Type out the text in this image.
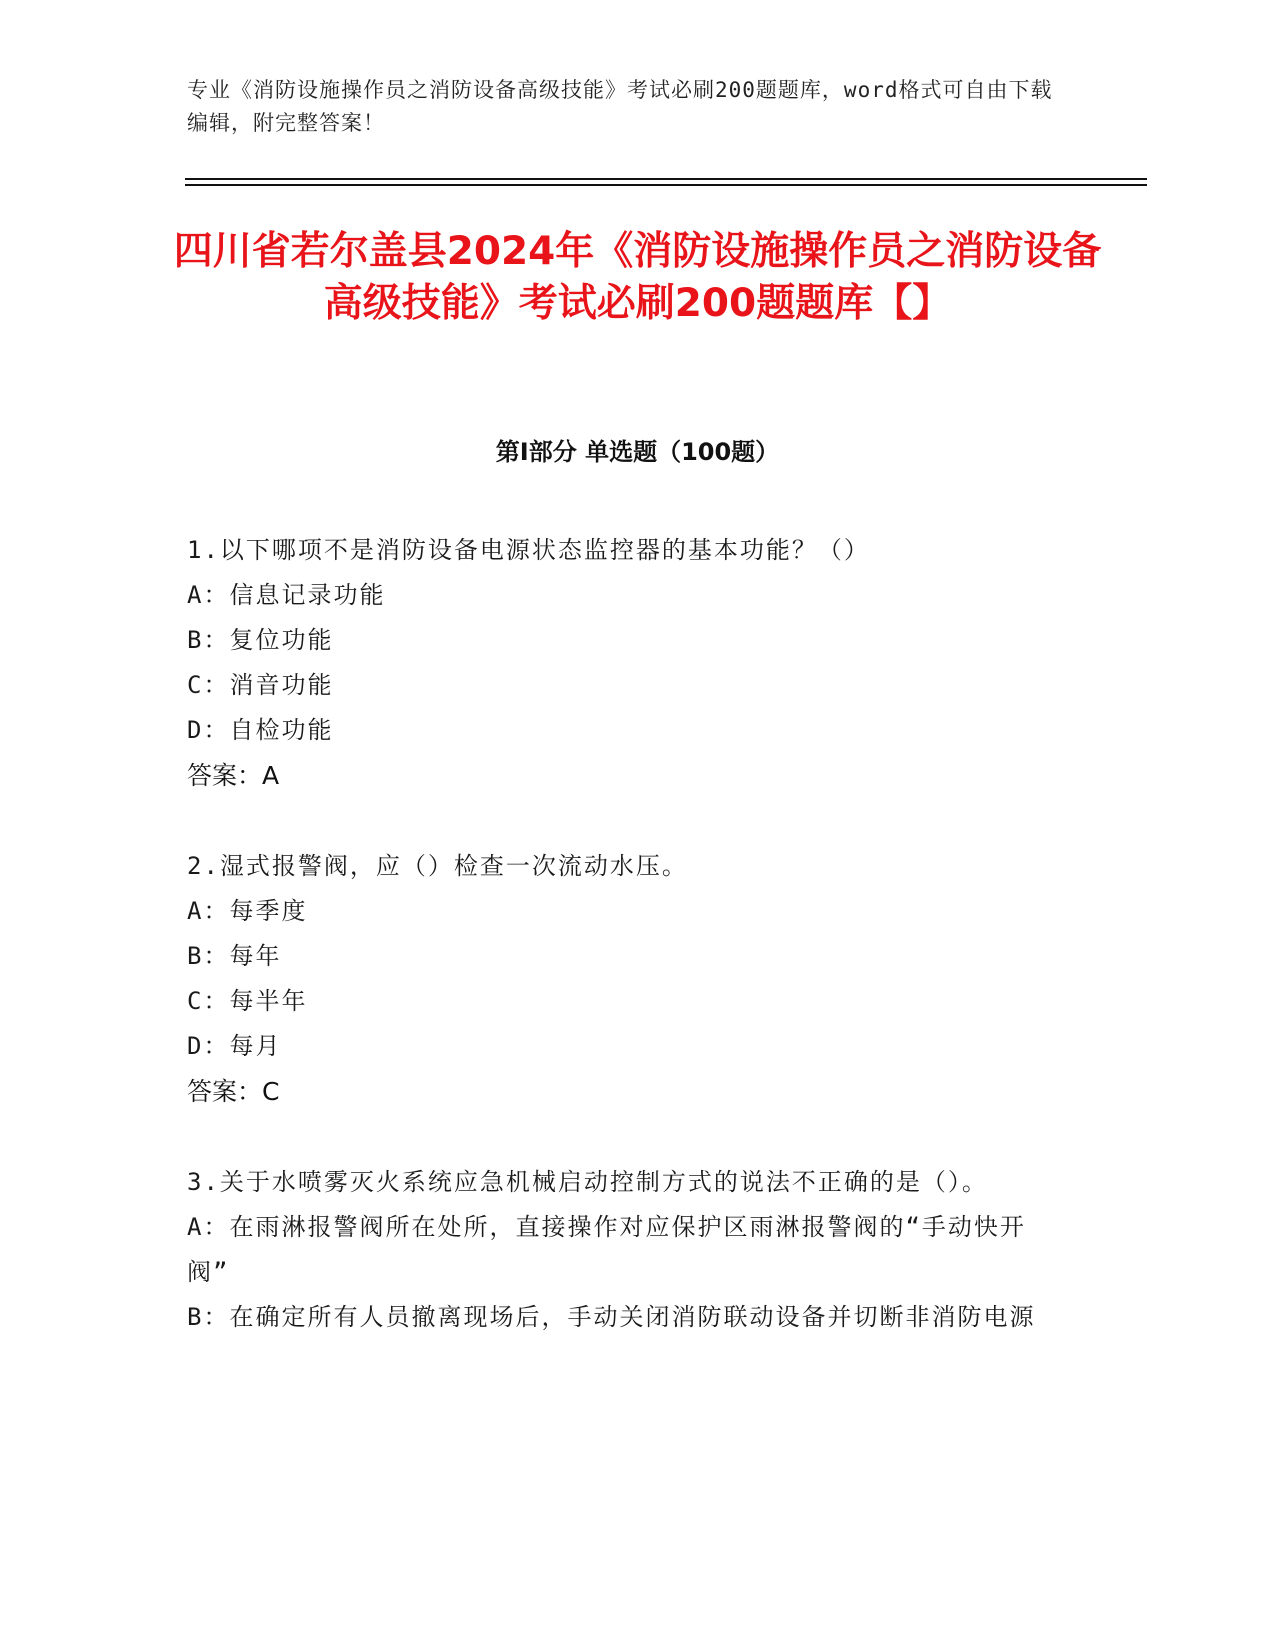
专业《消防设施操作员之消防设备高级技能》考试必刷200题题库，word格式可自由下载编辑，附完整答案！
四川省若尔盖县2024年《消防设施操作员之消防设备高级技能》考试必刷200题题库【】
第Ⅰ部分 单选题（100题）

1.以下哪项不是消防设备电源状态监控器的基本功能？（）

A：信息记录功能

B：复位功能

C：消音功能

D：自检功能

答案：A

2.湿式报警阀，应（）检查一次流动水压。

A：每季度

B：每年

C：每半年

D：每月

答案：C

3.关于水喷雾灭火系统应急机械启动控制方式的说法不正确的是（）。

A：在雨淋报警阀所在处所，直接操作对应保护区雨淋报警阀的“手动快开阀”

B：在确定所有人员撤离现场后，手动关闭消防联动设备并切断非消防电源
